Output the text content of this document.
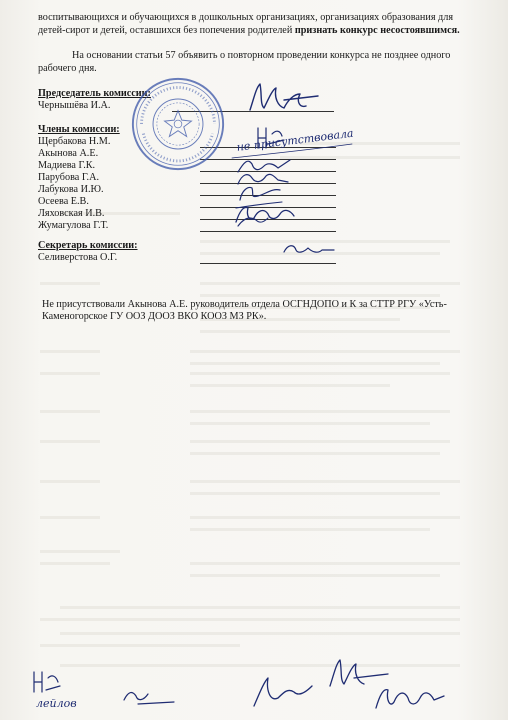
воспитывающихся и обучающихся в дошкольных организациях, организациях образования для
детей-сирот и детей, оставшихся без попечения родителей признать конкурс несостоявшимся.
На основании статьи 57 объявить о повторном проведении конкурса не позднее одного
рабочего дня.
Председатель комиссии:
Чернышёва И.А.
Члены комиссии:
Щербакова Н.М.
Акынова А.Е.
Мадиева Г.К.
Парубова Г.А.
Лабукова И.Ю.
Осеева Е.В.
Ляховская И.В.
Жумагулова Г.Т.
Секретарь комиссии:
Селиверстова О.Г.
Не присутствовали Акынова А.Е. руководитель отдела ОСГНДОПО и К за СТТР РГУ «Усть-
Каменогорское ГУ ООЗ ДООЗ ВКО КООЗ МЗ РК».
не присутствовала
лейлов
